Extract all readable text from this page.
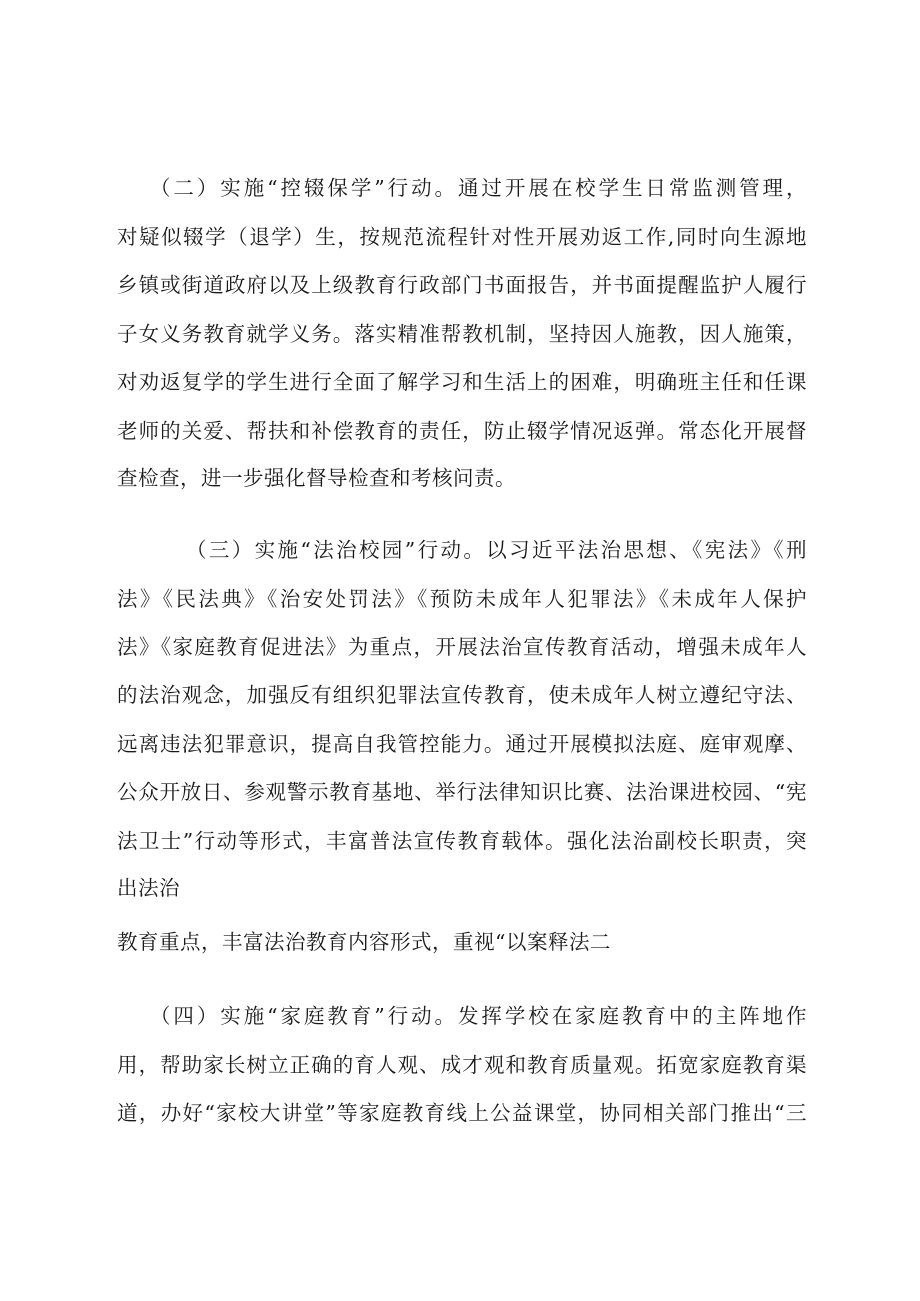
（二）实施“控辍保学”行动。通过开展在校学生日常监测管理，
对疑似辍学（退学）生，按规范流程针对性开展劝返工作,同时向生源地
乡镇或街道政府以及上级教育行政部门书面报告，并书面提醒监护人履行
子女义务教育就学义务。落实精准帮教机制，坚持因人施教，因人施策，
对劝返复学的学生进行全面了解学习和生活上的困难，明确班主任和任课
老师的关爱、帮扶和补偿教育的责任，防止辍学情况返弹。常态化开展督
查检查，进一步强化督导检查和考核问责。
（三）实施“法治校园”行动。以习近平法治思想、《宪法》《刑
法》《民法典》《治安处罚法》《预防未成年人犯罪法》《未成年人保护
法》《家庭教育促进法》为重点，开展法治宣传教育活动，增强未成年人
的法治观念，加强反有组织犯罪法宣传教育，使未成年人树立遵纪守法、
远离违法犯罪意识，提高自我管控能力。通过开展模拟法庭、庭审观摩、
公众开放日、参观警示教育基地、举行法律知识比赛、法治课进校园、“宪
法卫士”行动等形式，丰富普法宣传教育载体。强化法治副校长职责，突
出法治
教育重点，丰富法治教育内容形式，重视“以案释法二
（四）实施“家庭教育”行动。发挥学校在家庭教育中的主阵地作
用，帮助家长树立正确的育人观、成才观和教育质量观。拓宽家庭教育渠
道，办好“家校大讲堂”等家庭教育线上公益课堂，协同相关部门推出“三
